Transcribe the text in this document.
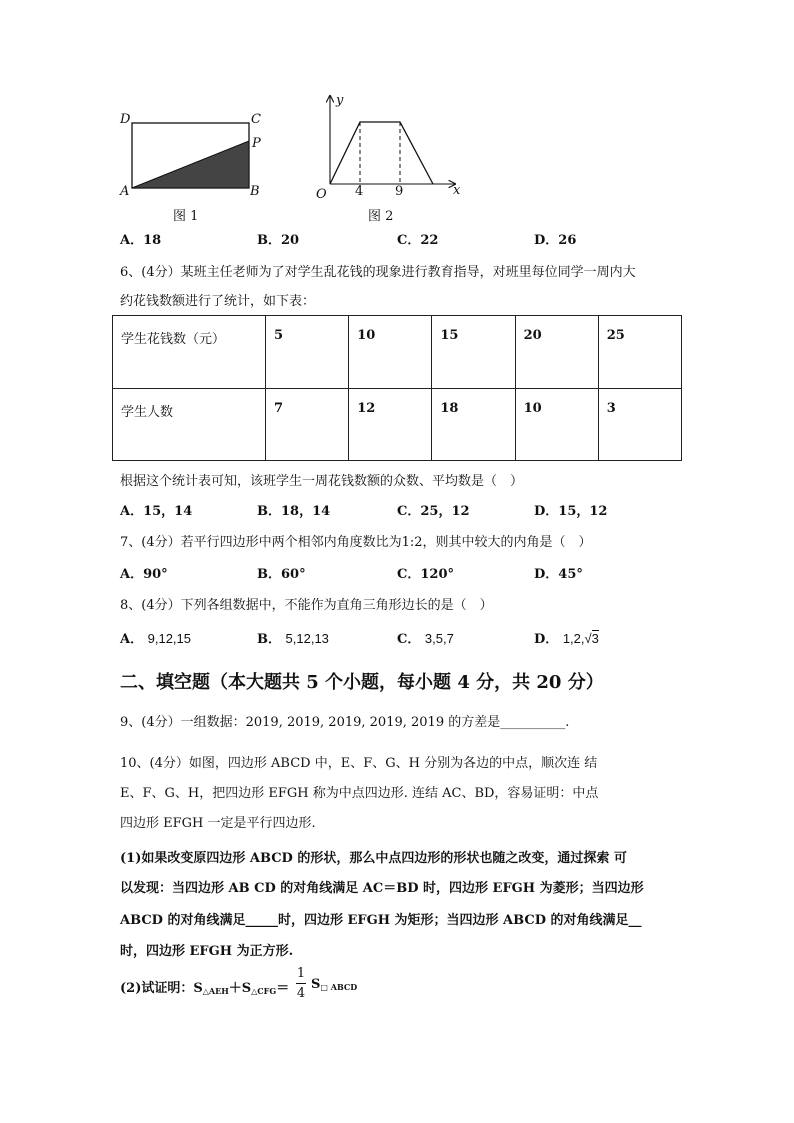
D	C
P
A	B
图 1
y
x
O 4 9
图 2
A．18	B．20	C．22	D．26
6、(4分）某班主任老师为了对学生乱花钱的现象进行教育指导，对班里每位同学一周内大
约花钱数额进行了统计，如下表：
学生花钱数（元）	5	10	15	20	25
学生人数	7	12	18	10	3
根据这个统计表可知，该班学生一周花钱数额的众数、平均数是（　）
A．15，14	B．18，14	C．25，12	D．15，12
7、(4分）若平行四边形中两个相邻内角度数比为1:2，则其中较大的内角是（　）
A．90°	B．60°	C．120°	D．45°
8、(4分）下列各组数据中，不能作为直角三角形边长的是（　）
A． 9,12,15	B． 5,12,13	C． 3,5,7	D． 1,2,√3
二、填空题（本大题共 5 个小题，每小题 4 分，共 20 分）
9、(4分）一组数据：2019, 2019, 2019, 2019, 2019 的方差是__________.
10、(4分）如图，四边形 ABCD 中，E、F、G、H 分别为各边的中点，顺次连 结
E、F、G、H，把四边形 EFGH 称为中点四边形. 连结 AC、BD，容易证明：中点
四边形 EFGH 一定是平行四边形.
(1)如果改变原四边形 ABCD 的形状，那么中点四边形的形状也随之改变，通过探索 可
以发现：当四边形 AB CD 的对角线满足 AC＝BD 时，四边形 EFGH 为菱形；当四边形
ABCD 的对角线满足_____时，四边形 EFGH 为矩形；当四边形 ABCD 的对角线满足__
时，四边形 EFGH 为正方形.
(2)试证明：$S_{\triangle AEH}+S_{\triangle CFG}=$
1
4
$S_{□ ABCD}$
